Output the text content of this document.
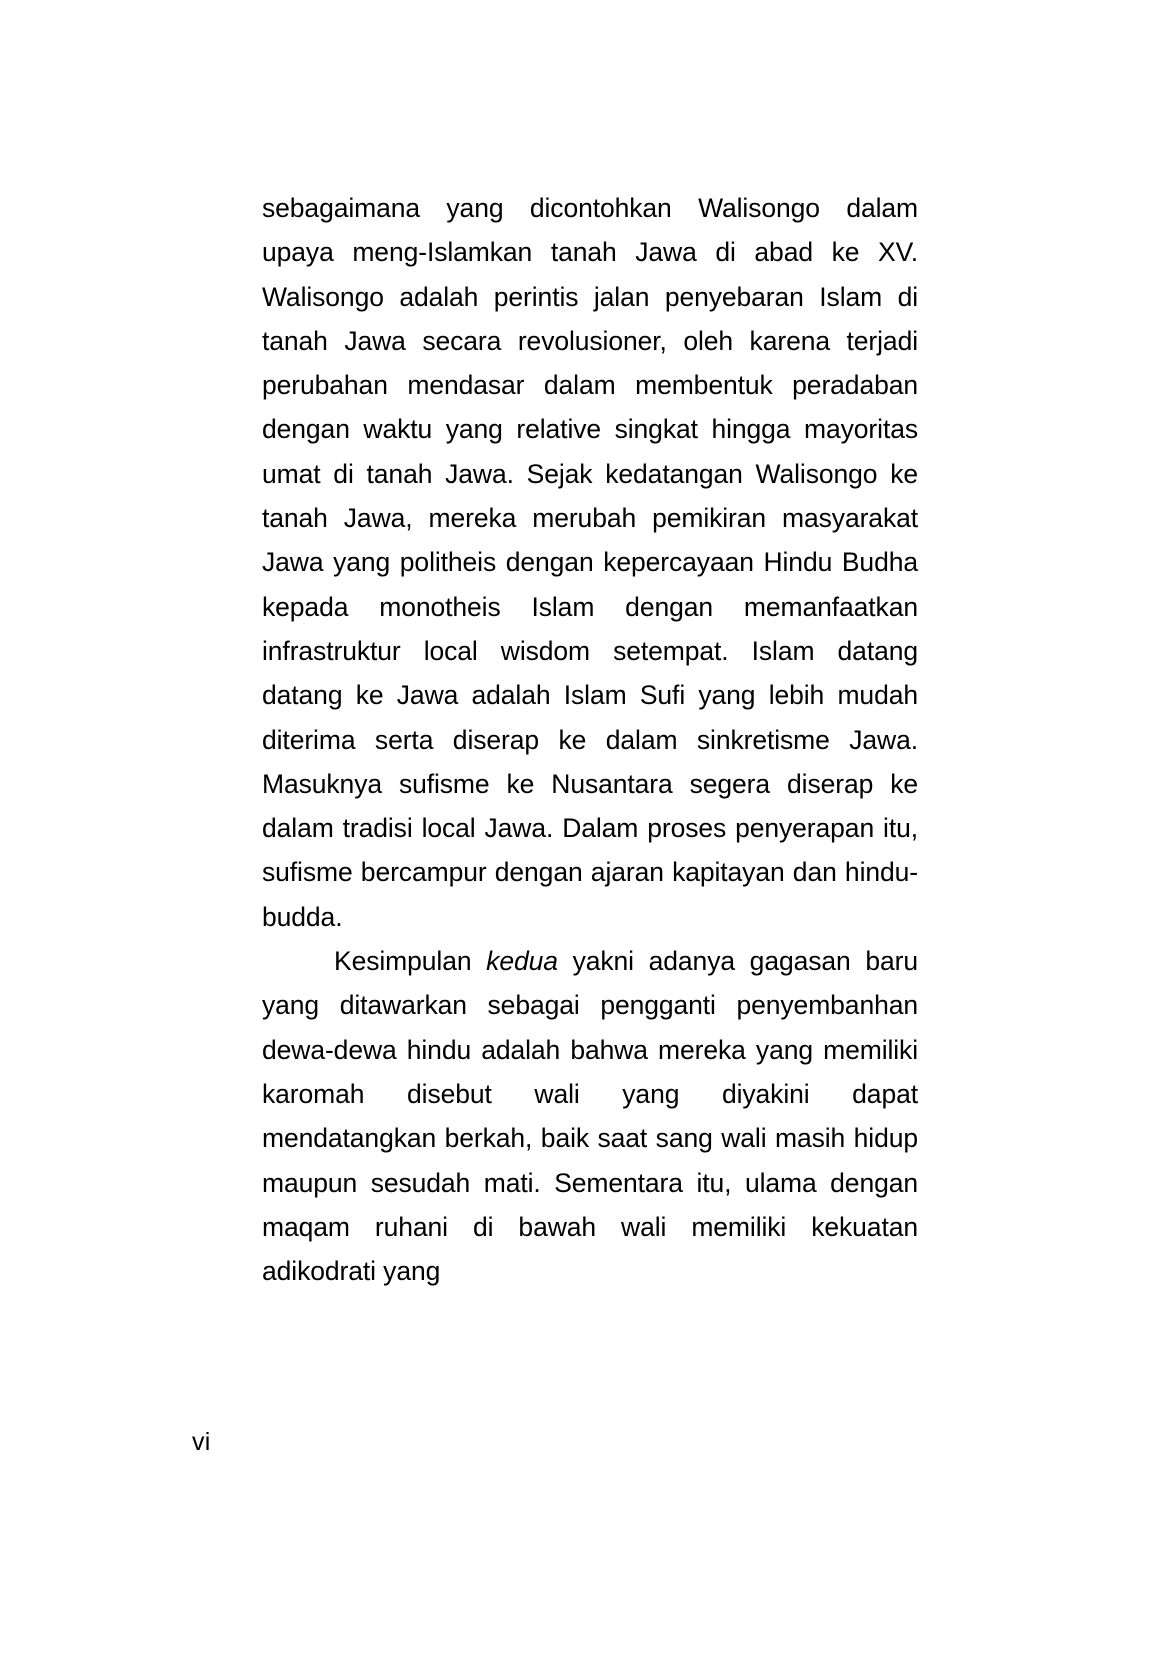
sebagaimana yang dicontohkan Walisongo dalam upaya meng-Islamkan tanah Jawa di abad ke XV. Walisongo adalah perintis jalan penyebaran Islam di tanah Jawa secara revolusioner, oleh karena terjadi perubahan mendasar dalam membentuk peradaban dengan waktu yang relative singkat hingga mayoritas umat di tanah Jawa. Sejak kedatangan Walisongo ke tanah Jawa, mereka merubah pemikiran masyarakat Jawa yang politheis dengan kepercayaan Hindu Budha kepada monotheis Islam dengan memanfaatkan infrastruktur local wisdom setempat. Islam datang datang ke Jawa adalah Islam Sufi yang lebih mudah diterima serta diserap ke dalam sinkretisme Jawa. Masuknya sufisme ke Nusantara segera diserap ke dalam tradisi local Jawa. Dalam proses penyerapan itu, sufisme bercampur dengan ajaran kapitayan dan hindu-budda.

Kesimpulan kedua yakni adanya gagasan baru yang ditawarkan sebagai pengganti penyembanhan dewa-dewa hindu adalah bahwa mereka yang memiliki karomah disebut wali yang diyakini dapat mendatangkan berkah, baik saat sang wali masih hidup maupun sesudah mati. Sementara itu, ulama dengan maqam ruhani di bawah wali memiliki kekuatan adikodrati yang

vi
